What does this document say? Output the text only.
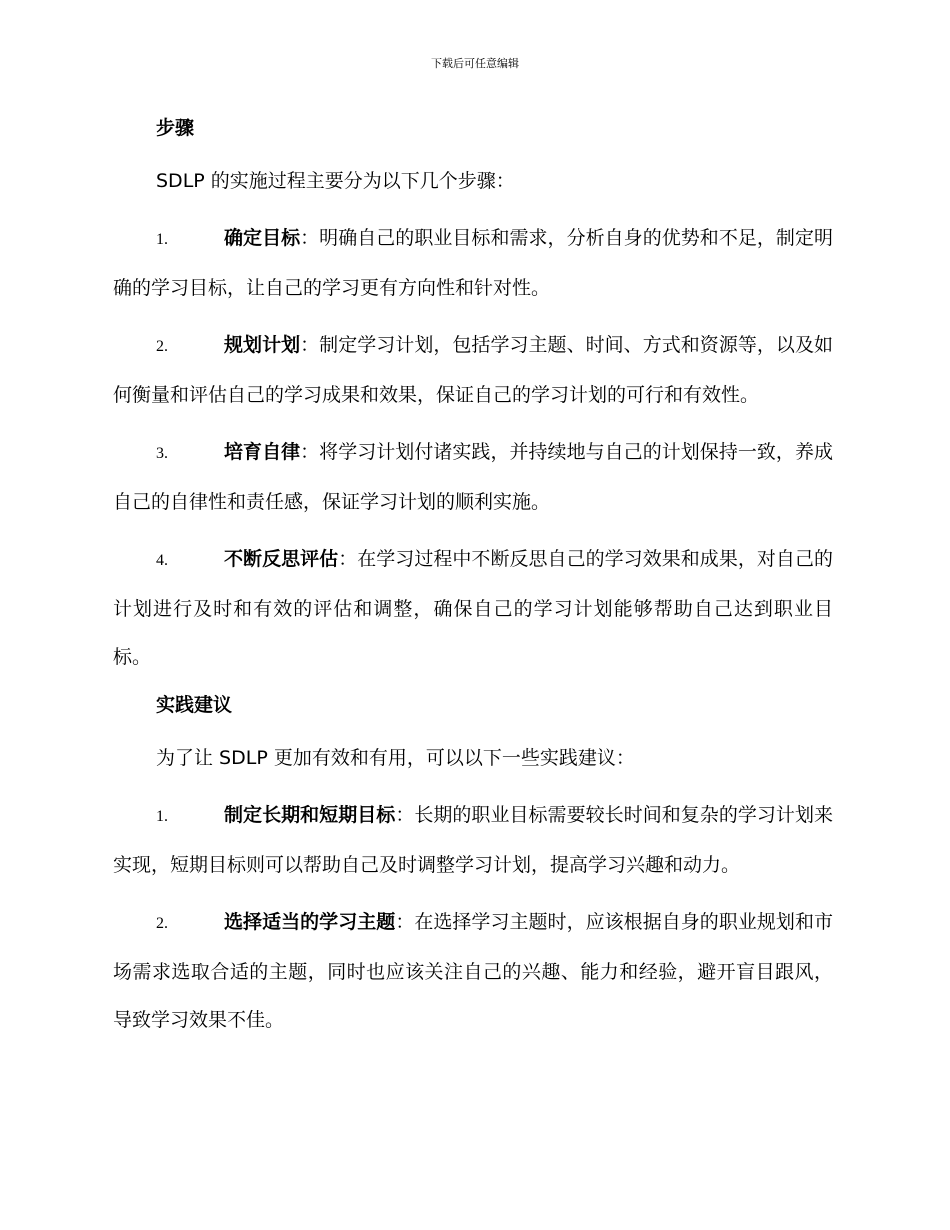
下载后可任意编辑
步骤

SDLP 的实施过程主要分为以下几个步骤：

1.	确定目标：明确自己的职业目标和需求，分析自身的优势和不足，制定明确的学习目标，让自己的学习更有方向性和针对性。

2.	规划计划：制定学习计划，包括学习主题、时间、方式和资源等，以及如何衡量和评估自己的学习成果和效果，保证自己的学习计划的可行和有效性。

3.	培育自律：将学习计划付诸实践，并持续地与自己的计划保持一致，养成自己的自律性和责任感，保证学习计划的顺利实施。

4.	不断反思评估：在学习过程中不断反思自己的学习效果和成果，对自己的计划进行及时和有效的评估和调整，确保自己的学习计划能够帮助自己达到职业目标。

实践建议

为了让 SDLP 更加有效和有用，可以以下一些实践建议：

1.	制定长期和短期目标：长期的职业目标需要较长时间和复杂的学习计划来实现，短期目标则可以帮助自己及时调整学习计划，提高学习兴趣和动力。

2.	选择适当的学习主题：在选择学习主题时，应该根据自身的职业规划和市场需求选取合适的主题，同时也应该关注自己的兴趣、能力和经验，避开盲目跟风，导致学习效果不佳。
